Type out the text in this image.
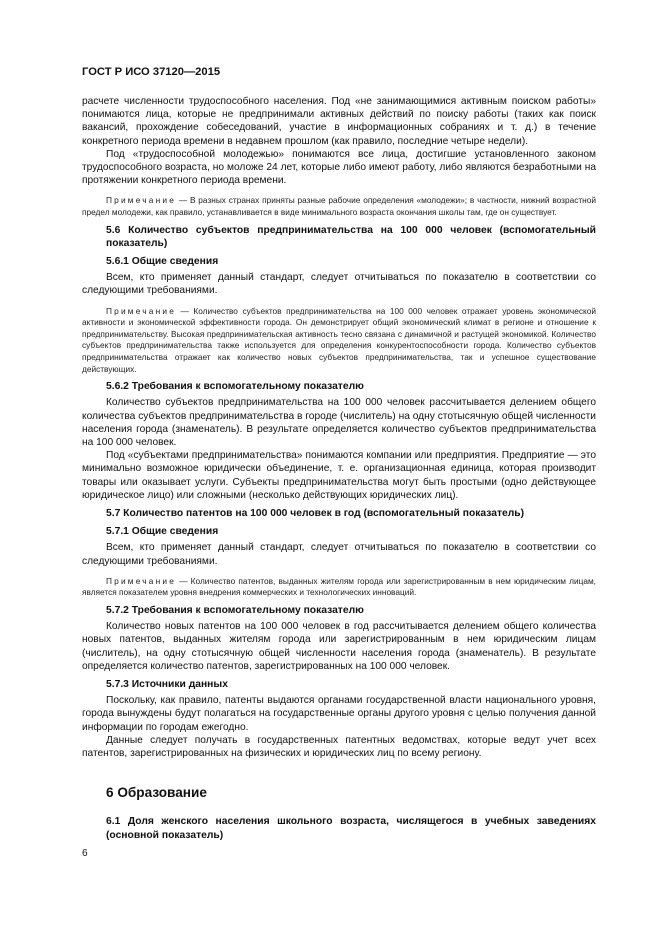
ГОСТ Р ИСО 37120—2015

расчете численности трудоспособного населения. Под «не занимающимися активным поиском работы» понимаются лица, которые не предпринимали активных действий по поиску работы (таких как поиск вакансий, прохождение собеседований, участие в информационных собраниях и т. д.) в течение конкретного периода времени в недавнем прошлом (как правило, последние четыре недели).

Под «трудоспособной молодежью» понимаются все лица, достигшие установленного законом трудоспособного возраста, но моложе 24 лет, которые либо имеют работу, либо являются безработными на протяжении конкретного периода времени.

Примечание — В разных странах приняты разные рабочие определения «молодежи»; в частности, нижний возрастной предел молодежи, как правило, устанавливается в виде минимального возраста окончания школы там, где он существует.

5.6 Количество субъектов предпринимательства на 100 000 человек (вспомогательный показатель)
5.6.1 Общие сведения

Всем, кто применяет данный стандарт, следует отчитываться по показателю в соответствии со следующими требованиями.

Примечание — Количество субъектов предпринимательства на 100 000 человек отражает уровень экономической активности и экономической эффективности города. Он демонстрирует общий экономический климат в регионе и отношение к предпринимательству. Высокая предпринимательская активность тесно связана с динамичной и растущей экономикой. Количество субъектов предпринимательства также используется для определения конкурентоспособности города. Количество субъектов предпринимательства отражает как количество новых субъектов предпринимательства, так и успешное существование действующих.

5.6.2 Требования к вспомогательному показателю

Количество субъектов предпринимательства на 100 000 человек рассчитывается делением общего количества субъектов предпринимательства в городе (числитель) на одну стотысячную общей численности населения города (знаменатель). В результате определяется количество субъектов предпринимательства на 100 000 человек.

Под «субъектами предпринимательства» понимаются компании или предприятия. Предприятие — это минимально возможное юридически объединение, т. е. организационная единица, которая производит товары или оказывает услуги. Субъекты предпринимательства могут быть простыми (одно действующее юридическое лицо) или сложными (несколько действующих юридических лиц).

5.7 Количество патентов на 100 000 человек в год (вспомогательный показатель)
5.7.1 Общие сведения

Всем, кто применяет данный стандарт, следует отчитываться по показателю в соответствии со следующими требованиями.

Примечание — Количество патентов, выданных жителям города или зарегистрированным в нем юридическим лицам, является показателем уровня внедрения коммерческих и технологических инноваций.

5.7.2 Требования к вспомогательному показателю

Количество новых патентов на 100 000 человек в год рассчитывается делением общего количества новых патентов, выданных жителям города или зарегистрированным в нем юридическим лицам (числитель), на одну стотысячную общей численности населения города (знаменатель). В результате определяется количество патентов, зарегистрированных на 100 000 человек.

5.7.3 Источники данных

Поскольку, как правило, патенты выдаются органами государственной власти национального уровня, города вынуждены будут полагаться на государственные органы другого уровня с целью получения данной информации по городам ежегодно.

Данные следует получать в государственных патентных ведомствах, которые ведут учет всех патентов, зарегистрированных на физических и юридических лиц по всему региону.

6 Образование
6.1 Доля женского населения школьного возраста, числящегося в учебных заведениях (основной показатель)
6
